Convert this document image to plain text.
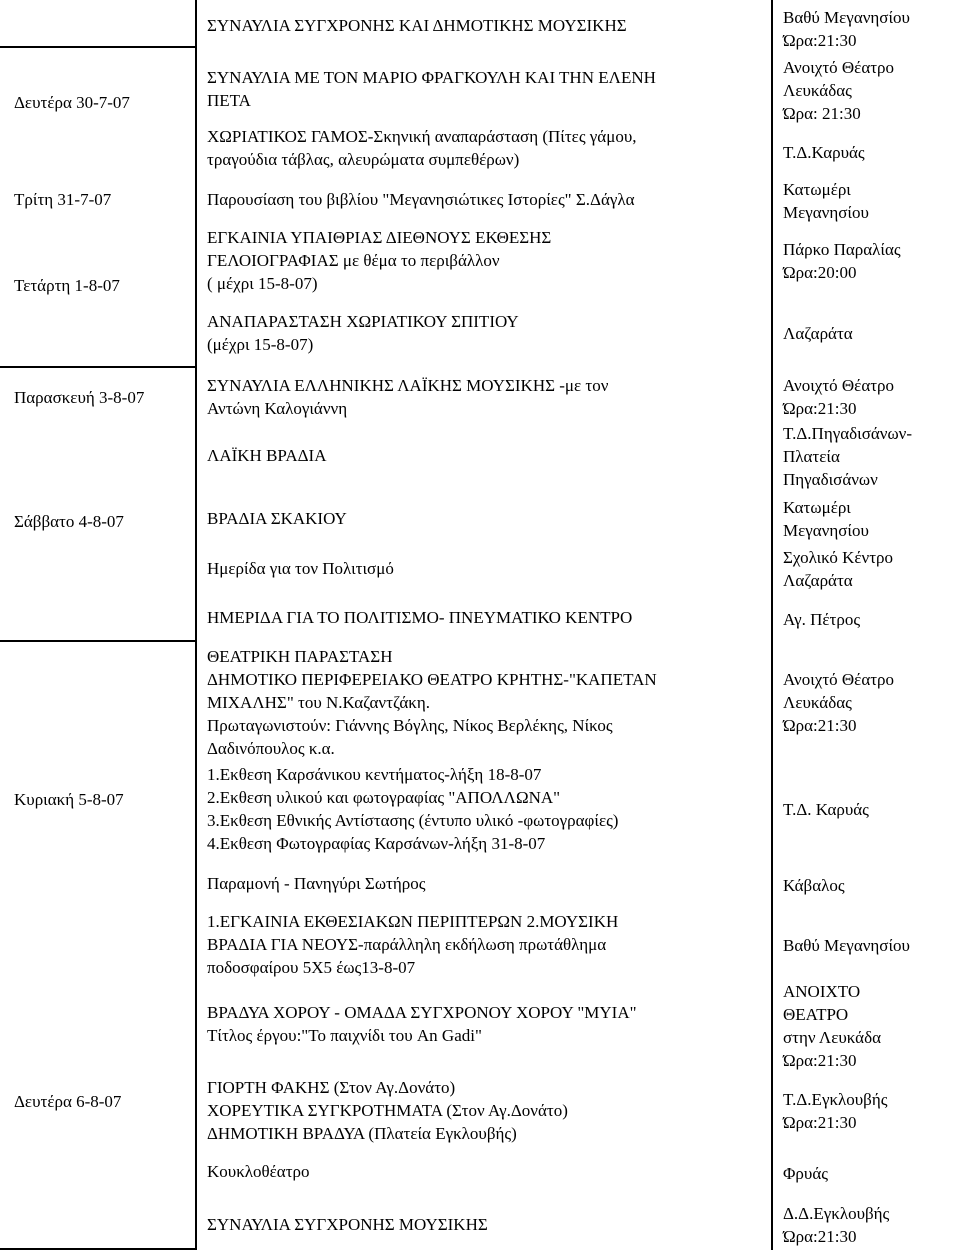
Δευτέρα 30-7-07
Τρίτη 31-7-07
Τετάρτη 1-8-07
Παρασκευή 3-8-07
Σάββατο 4-8-07
Κυριακή 5-8-07
Δευτέρα 6-8-07
ΣΥΝΑΥΛΙΑ ΣΥΓΧΡΟΝΗΣ ΚΑΙ ΔΗΜΟΤΙΚΗΣ ΜΟΥΣΙΚΗΣ
ΣΥΝΑΥΛΙΑ ΜΕ ΤΟΝ ΜΑΡΙΟ ΦΡΑΓΚΟΥΛΗ ΚΑΙ ΤΗΝ ΕΛΕΝΗ
ΠΕΤΑ
ΧΩΡΙΑΤΙΚΟΣ ΓΑΜΟΣ-Σκηνική αναπαράσταση (Πίτες γάμου,
τραγούδια τάβλας, αλευρώματα συμπεθέρων)
Παρουσίαση του βιβλίου "Μεγανησιώτικες Ιστορίες" Σ.Δάγλα
ΕΓΚΑΙΝΙΑ ΥΠΑΙΘΡΙΑΣ ΔΙΕΘΝΟΥΣ ΕΚΘΕΣΗΣ
ΓΕΛΟΙΟΓΡΑΦΙΑΣ με θέμα το περιβάλλον
( μέχρι 15-8-07)
ΑΝΑΠΑΡΑΣΤΑΣΗ ΧΩΡΙΑΤΙΚΟΥ ΣΠΙΤΙΟΥ
(μέχρι 15-8-07)
ΣΥΝΑΥΛΙΑ ΕΛΛΗΝΙΚΗΣ ΛΑΪΚΗΣ ΜΟΥΣΙΚΗΣ -με τον
Αντώνη Καλογιάννη
ΛΑΪΚΗ ΒΡΑΔΙΑ
ΒΡΑΔΙΑ ΣΚΑΚΙΟΥ
Ημερίδα για τον Πολιτισμό
ΗΜΕΡΙΔΑ ΓΙΑ ΤΟ ΠΟΛΙΤΙΣΜΟ- ΠΝΕΥΜΑΤΙΚΟ ΚΕΝΤΡΟ
ΘΕΑΤΡΙΚΗ ΠΑΡΑΣΤΑΣΗ
ΔΗΜΟΤΙΚΟ ΠΕΡΙΦΕΡΕΙΑΚΟ ΘΕΑΤΡΟ ΚΡΗΤΗΣ-"ΚΑΠΕΤΑΝ
ΜΙΧΑΛΗΣ" του Ν.Καζαντζάκη.
Πρωταγωνιστούν: Γιάννης Βόγλης, Νίκος Βερλέκης, Νίκος
Δαδινόπουλος κ.α.
1.Εκθεση Καρσάνικου κεντήματος-λήξη 18-8-07
2.Εκθεση υλικού και φωτογραφίας "ΑΠΟΛΛΩΝΑ"
3.Εκθεση Εθνικής Αντίστασης (έντυπο υλικό -φωτογραφίες)
4.Εκθεση Φωτογραφίας Καρσάνων-λήξη 31-8-07
Παραμονή - Πανηγύρι Σωτήρος
1.ΕΓΚΑΙΝΙΑ ΕΚΘΕΣΙΑΚΩΝ ΠΕΡΙΠΤΕΡΩΝ 2.ΜΟΥΣΙΚΗ
ΒΡΑΔΙΑ ΓΙΑ ΝΕΟΥΣ-παράλληλη εκδήλωση πρωτάθλημα
ποδοσφαίρου 5Χ5 έως13-8-07
ΒΡΑΔΥΑ ΧΟΡΟΥ - ΟΜΑΔΑ ΣΥΓΧΡΟΝΟΥ ΧΟΡΟΥ "ΜΥΙΑ"
Τίτλος έργου:"Το παιχνίδι του An Gadi"
ΓΙΟΡΤΗ ΦΑΚΗΣ (Στον Αγ.Δονάτο)
ΧΟΡΕΥΤΙΚΑ ΣΥΓΚΡΟΤΗΜΑΤΑ (Στον Αγ.Δονάτο)
ΔΗΜΟΤΙΚΗ ΒΡΑΔΥΑ (Πλατεία Εγκλουβής)
Κουκλοθέατρο
ΣΥΝΑΥΛΙΑ ΣΥΓΧΡΟΝΗΣ ΜΟΥΣΙΚΗΣ
Βαθύ Μεγανησίου
Ώρα:21:30
Ανοιχτό Θέατρο
Λευκάδας
Ώρα: 21:30
Τ.Δ.Καρυάς
Κατωμέρι
Μεγανησίου
Πάρκο Παραλίας
Ώρα:20:00
Λαζαράτα
Ανοιχτό Θέατρο
Ώρα:21:30
Τ.Δ.Πηγαδισάνων-
Πλατεία
Πηγαδισάνων
Κατωμέρι
Μεγανησίου
Σχολικό Κέντρο
Λαζαράτα
Αγ. Πέτρος
Ανοιχτό Θέατρο
Λευκάδας
Ώρα:21:30
Τ.Δ. Καρυάς
Κάβαλος
Βαθύ Μεγανησίου
ΑΝΟΙΧΤΟ
ΘΕΑΤΡΟ
στην Λευκάδα
Ώρα:21:30
Τ.Δ.Εγκλουβής
Ώρα:21:30
Φρυάς
Δ.Δ.Εγκλουβής
Ώρα:21:30
